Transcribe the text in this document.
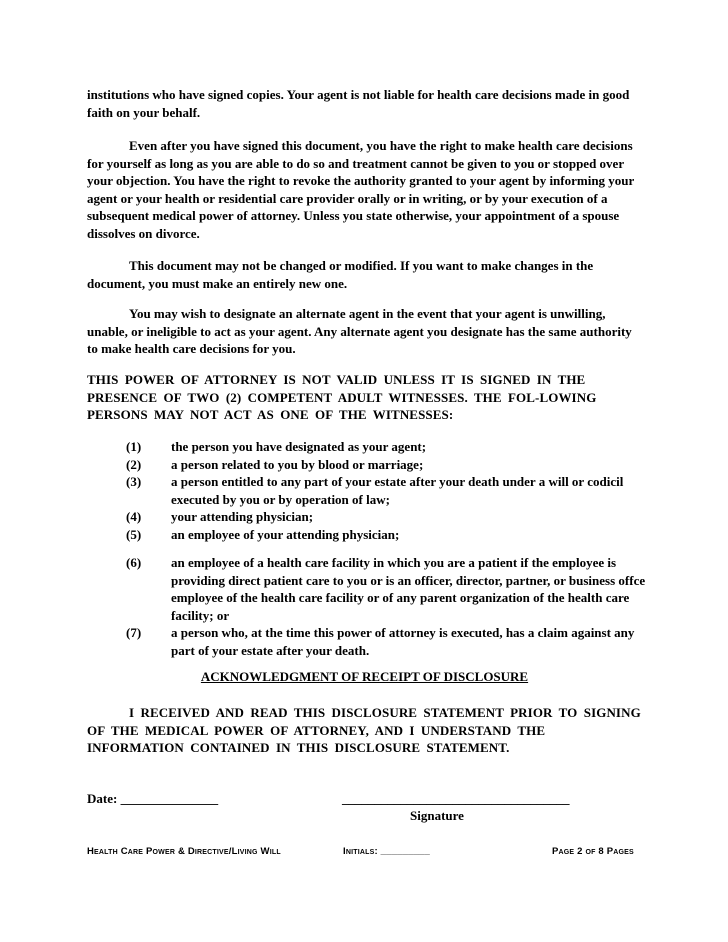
institutions who have signed copies. Your agent is not liable for health care decisions made in good faith on your behalf.

Even after you have signed this document, you have the right to make health care decisions for yourself as long as you are able to do so and treatment cannot be given to you or stopped over your objection. You have the right to revoke the authority granted to your agent by informing your agent or your health or residential care provider orally or in writing, or by your execution of a subsequent medical power of attorney. Unless you state otherwise, your appointment of a spouse dissolves on divorce.

This document may not be changed or modified. If you want to make changes in the document, you must make an entirely new one.

You may wish to designate an alternate agent in the event that your agent is unwilling, unable, or ineligible to act as your agent. Any alternate agent you designate has the same authority to make health care decisions for you.

THIS POWER OF ATTORNEY IS NOT VALID UNLESS IT IS SIGNED IN THE PRESENCE OF TWO (2) COMPETENT ADULT WITNESSES. THE FOL-LOWING PERSONS MAY NOT ACT AS ONE OF THE WITNESSES:

(1)	the person you have designated as your agent;
(2)	a person related to you by blood or marriage;
(3)	a person entitled to any part of your estate after your death under a will or codicil executed by you or by operation of law;
(4)	your attending physician;
(5)	an employee of your attending physician;
(6)	an employee of a health care facility in which you are a patient if the employee is providing direct patient care to you or is an officer, director, partner, or business offce employee of the health care facility or of any parent organization of the health care facility; or
(7)	a person who, at the time this power of attorney is executed, has a claim against any part of your estate after your death.
ACKNOWLEDGMENT OF RECEIPT OF DISCLOSURE

I RECEIVED AND READ THIS DISCLOSURE STATEMENT PRIOR TO SIGNING OF THE MEDICAL POWER OF ATTORNEY, AND I UNDERSTAND THE INFORMATION CONTAINED IN THIS DISCLOSURE STATEMENT.

Date: _______________	___________________________________
Signature
Health Care Power & Directive/Living Will	Initials: _________	Page 2 of 8 Pages
